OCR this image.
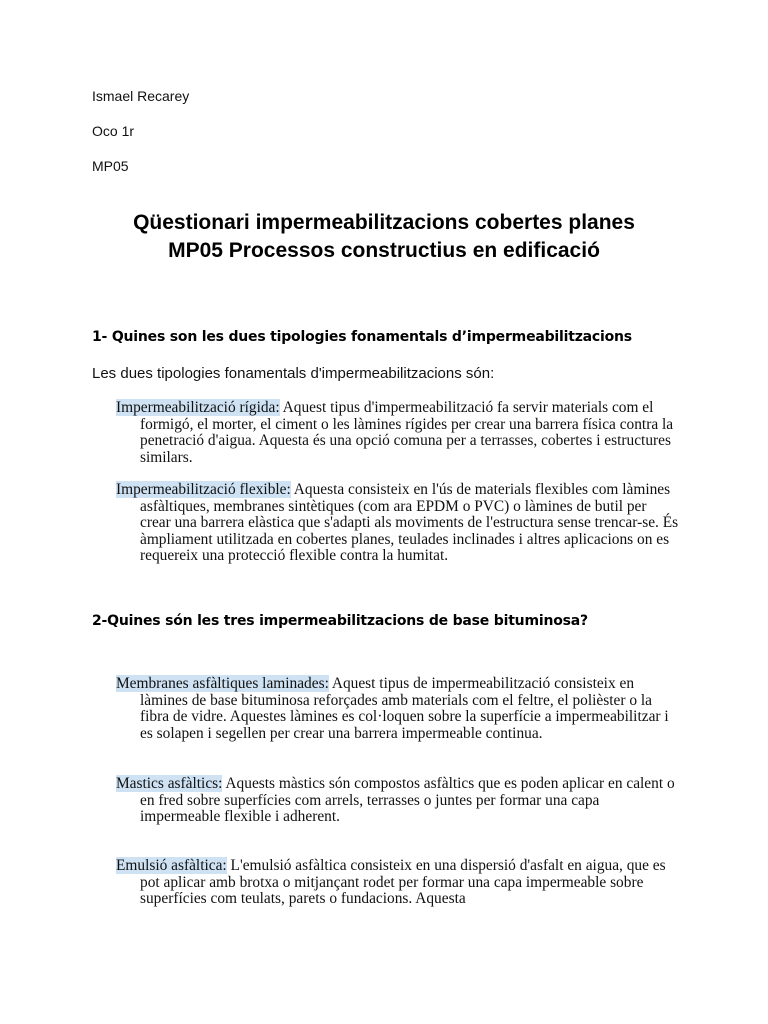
Ismael Recarey
Oco 1r
MP05
Qüestionari impermeabilitzacions cobertes planes
MP05 Processos constructius en edificació
1- Quines son les dues tipologies fonamentals d’impermeabilitzacions
Les dues tipologies fonamentals d'impermeabilitzacions són:
Impermeabilització rígida: Aquest tipus d'impermeabilització fa servir materials com el formigó, el morter, el ciment o les làmines rígides per crear una barrera física contra la penetració d'aigua. Aquesta és una opció comuna per a terrasses, cobertes i estructures similars.
Impermeabilització flexible: Aquesta consisteix en l'ús de materials flexibles com làmines asfàltiques, membranes sintètiques (com ara EPDM o PVC) o làmines de butil per crear una barrera elàstica que s'adapti als moviments de l'estructura sense trencar-se. És àmpliament utilitzada en cobertes planes, teulades inclinades i altres aplicacions on es requereix una protecció flexible contra la humitat.
2-Quines són les tres impermeabilitzacions de base bituminosa?
Membranes asfàltiques laminades: Aquest tipus de impermeabilització consisteix en làmines de base bituminosa reforçades amb materials com el feltre, el polièster o la fibra de vidre. Aquestes làmines es col·loquen sobre la superfície a impermeabilitzar i es solapen i segellen per crear una barrera impermeable continua.
Mastics asfàltics: Aquests màstics són compostos asfàltics que es poden aplicar en calent o en fred sobre superfícies com arrels, terrasses o juntes per formar una capa impermeable flexible i adherent.
Emulsió asfàltica: L'emulsió asfàltica consisteix en una dispersió d'asfalt en aigua, que es pot aplicar amb brotxa o mitjançant rodet per formar una capa impermeable sobre superfícies com teulats, parets o fundacions. Aquesta
